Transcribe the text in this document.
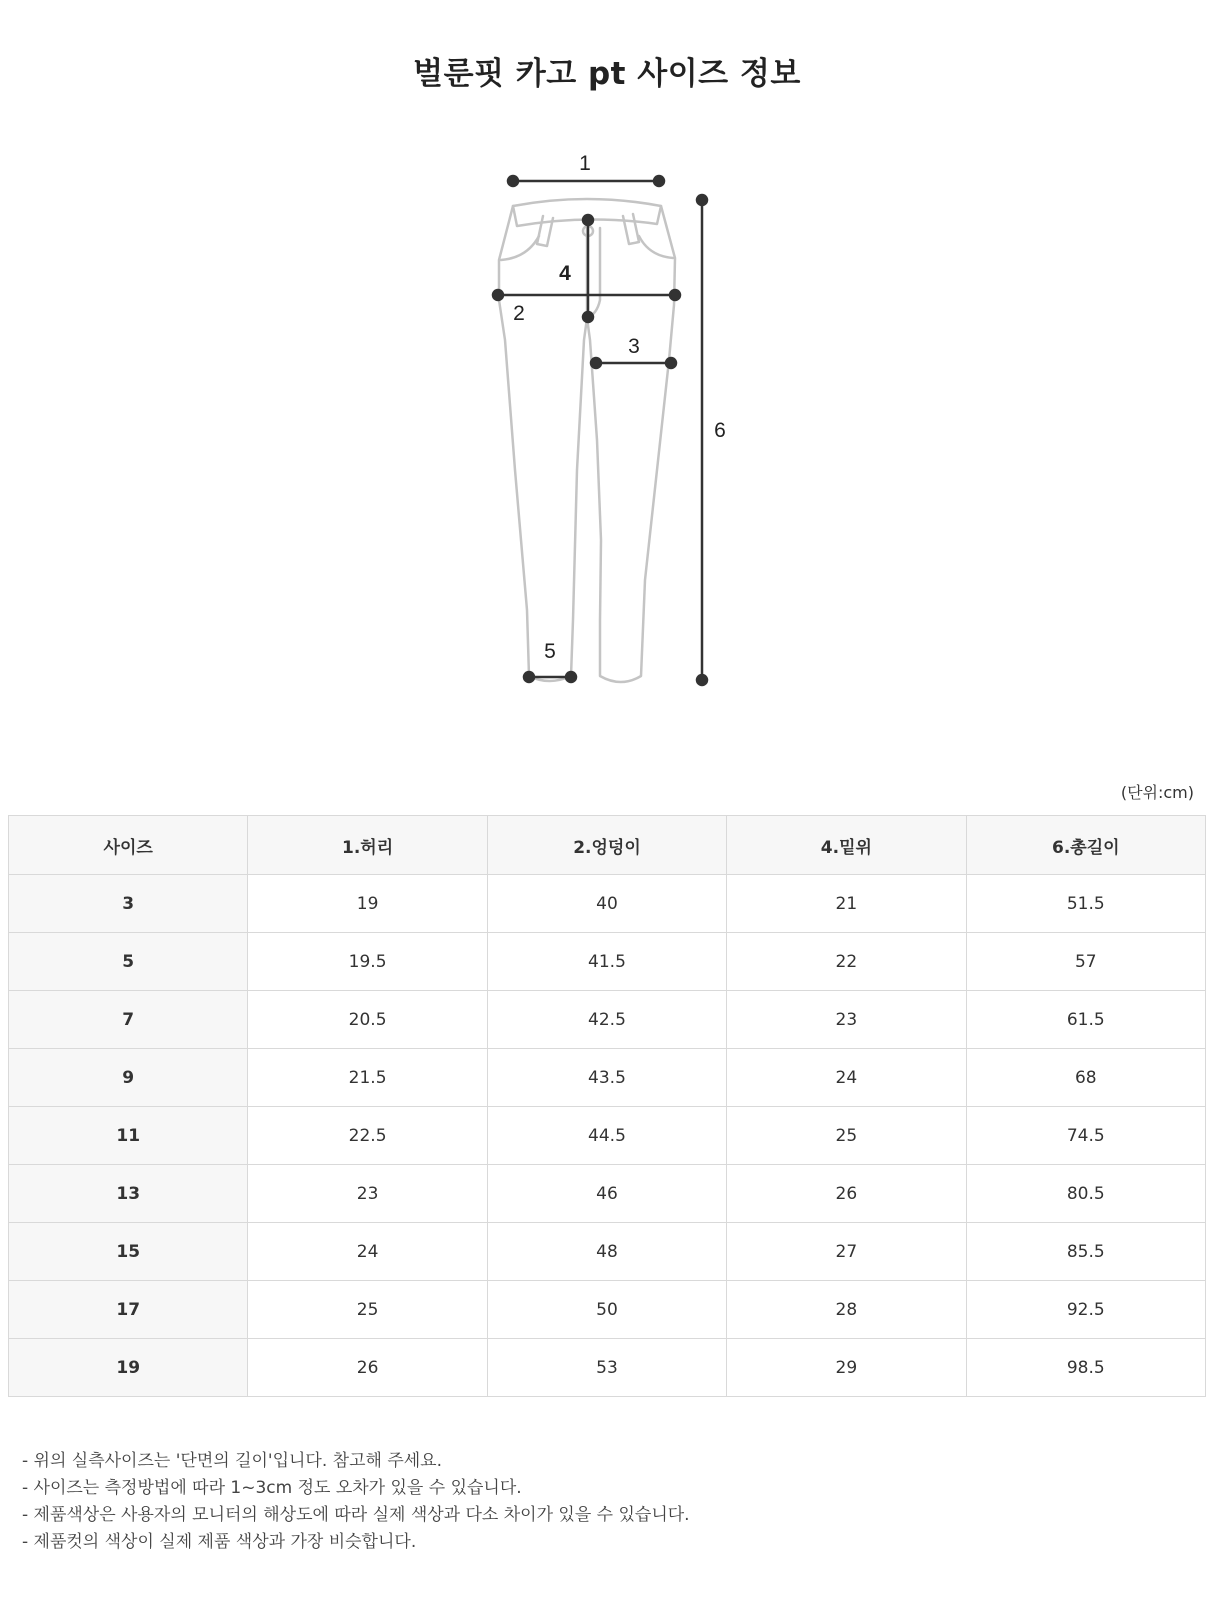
벌룬핏 카고 pt 사이즈 정보
1
2
3
4
5
6
(단위:cm)
사이즈	1.허리	2.엉덩이	4.밑위	6.총길이
3	19	40	21	51.5
5	19.5	41.5	22	57
7	20.5	42.5	23	61.5
9	21.5	43.5	24	68
11	22.5	44.5	25	74.5
13	23	46	26	80.5
15	24	48	27	85.5
17	25	50	28	92.5
19	26	53	29	98.5
- 위의 실측사이즈는 '단면의 길이'입니다. 참고해 주세요.
- 사이즈는 측정방법에 따라 1~3cm 정도 오차가 있을 수 있습니다.
- 제품색상은 사용자의 모니터의 해상도에 따라 실제 색상과 다소 차이가 있을 수 있습니다.
- 제품컷의 색상이 실제 제품 색상과 가장 비슷합니다.
